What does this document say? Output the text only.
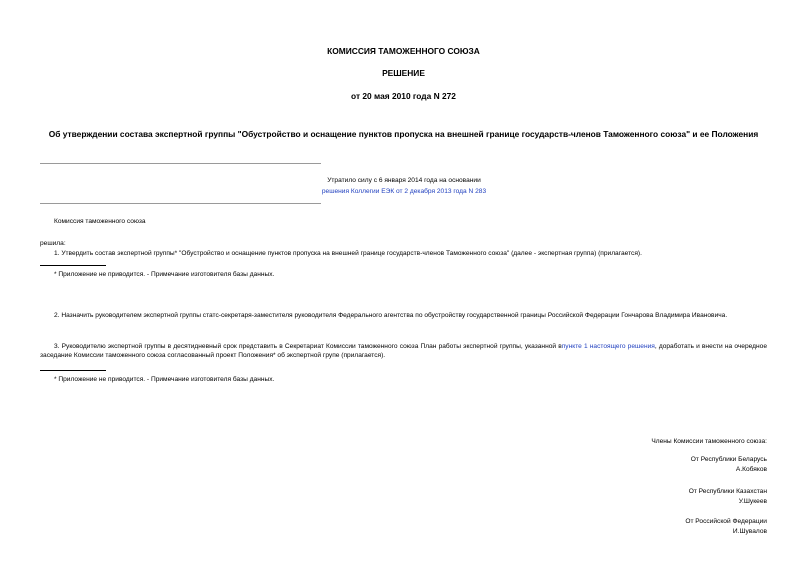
КОМИССИЯ ТАМОЖЕННОГО СОЮЗА
РЕШЕНИЕ
от 20 мая 2010 года N 272
Об утверждении состава экспертной группы "Обустройство и оснащение пунктов пропуска на внешней границе государств-членов Таможенного союза" и ее Положения
Утратило силу с 6 января 2014 года на основании
решения Коллегии ЕЭК от 2 декабря 2013 года N 283
Комиссия таможенного союза
решила:
1. Утвердить состав экспертной группы* "Обустройство и оснащение пунктов пропуска на внешней границе государств-членов Таможенного союза" (далее - экспертная группа) (прилагается).
* Приложение не приводится. - Примечание изготовителя базы данных.
2. Назначить руководителем экспертной группы статс-секретаря-заместителя руководителя Федерального агентства по обустройству государственной границы Российской Федерации Гончарова Владимира Ивановича.
3. Руководителю экспертной группы в десятидневный срок представить в Секретариат Комиссии таможенного союза План работы экспертной группы, указанной впункте 1 настоящего решения, доработать и внести на очередное заседание Комиссии таможенного союза согласованный проект Положения* об экспертной групе (прилагается).
* Приложение не приводится. - Примечание изготовителя базы данных.
Члены Комиссии таможенного союза:
От Республики Беларусь
А.Кобяков
От Республики Казахстан
У.Шукеев
От Российской Федерации
И.Шувалов
